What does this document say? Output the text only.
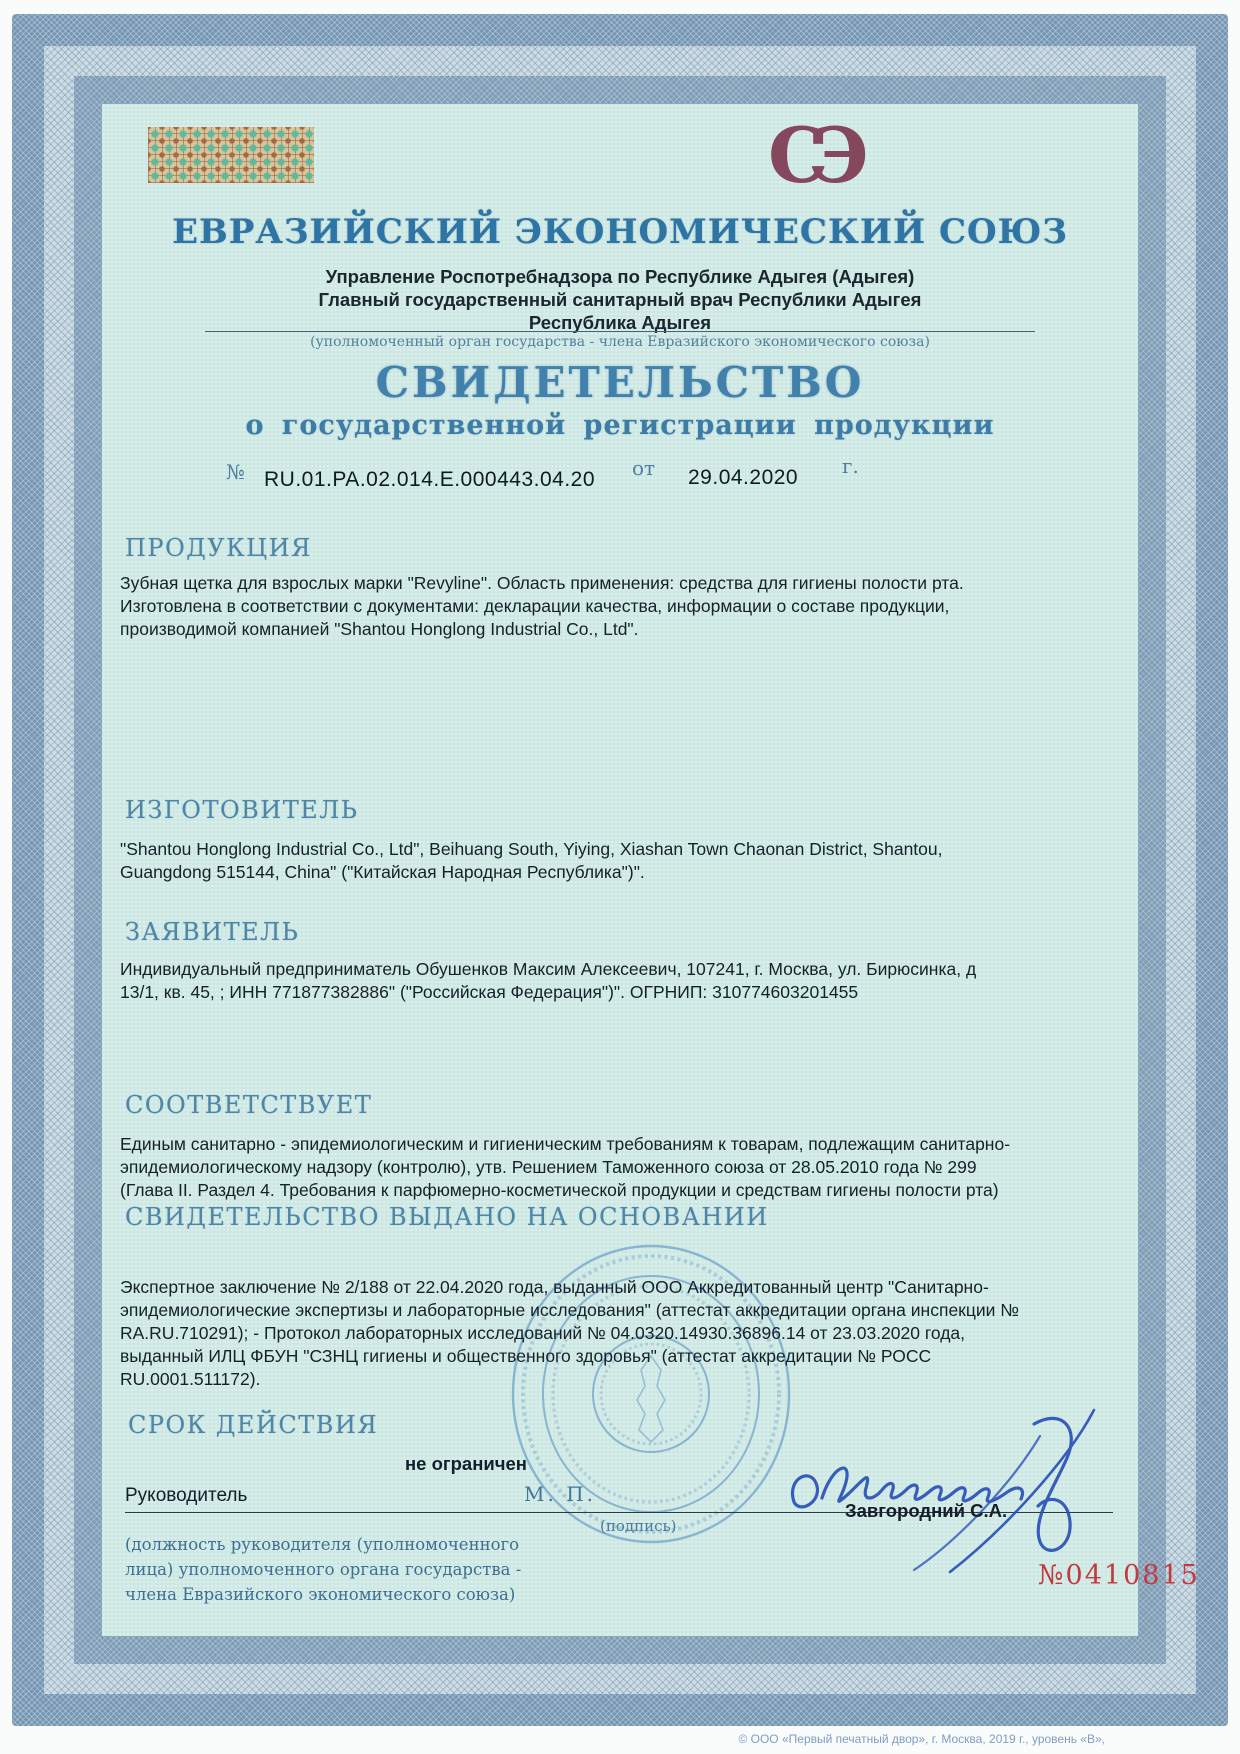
СЭ
ЕВРАЗИЙСКИЙ ЭКОНОМИЧЕСКИЙ СОЮЗ
Управление Роспотребнадзора по Республике Адыгея (Адыгея)
Главный государственный санитарный врач Республики Адыгея
Республика Адыгея
(уполномоченный орган государства - члена Евразийского экономического союза)
СВИДЕТЕЛЬСТВО
о государственной регистрации продукции
№ RU.01.PA.02.014.E.000443.04.20 от 29.04.2020 г.
ПРОДУКЦИЯ
Зубная щетка для взрослых марки "Revyline". Область применения: средства для гигиены полости рта. Изготовлена в соответствии с документами: декларации качества, информации о составе продукции, производимой компанией "Shantou Honglong Industrial Co., Ltd".
ИЗГОТОВИТЕЛЬ
"Shantou Honglong Industrial Co., Ltd", Beihuang South, Yiying, Xiashan Town Chaonan District, Shantou, Guangdong 515144, China" ("Китайская Народная Республика")".
ЗАЯВИТЕЛЬ
Индивидуальный предприниматель Обушенков Максим Алексеевич, 107241, г. Москва, ул. Бирюсинка, д 13/1, кв. 45, ; ИНН 771877382886" ("Российская Федерация")". ОГРНИП: 310774603201455
СООТВЕТСТВУЕТ
Единым санитарно - эпидемиологическим и гигиеническим требованиям к товарам, подлежащим санитарно-эпидемиологическому надзору (контролю), утв. Решением Таможенного союза от 28.05.2010 года № 299 (Глава II. Раздел 4. Требования к парфюмерно-косметической продукции и средствам гигиены полости рта)
СВИДЕТЕЛЬСТВО ВЫДАНО НА ОСНОВАНИИ
Экспертное заключение № 2/188 от 22.04.2020 года, выданный ООО Аккредитованный центр "Санитарно-эпидемиологические экспертизы и лабораторные исследования" (аттестат аккредитации органа инспекции № RA.RU.710291); - Протокол лабораторных исследований № 04.0320.14930.36896.14 от 23.03.2020 года, выданный ИЛЦ ФБУН "СЗНЦ гигиены и общественного здоровья" (аттестат аккредитации № РОСС RU.0001.511172).
СРОК ДЕЙСТВИЯ
не ограничен
Руководитель	М. П.
(подпись)
Завгородний С.А.
(должность руководителя (уполномоченного лица) уполномоченного органа государства - члена Евразийского экономического союза)
№0410815
© ООО «Первый печатный двор», г. Москва, 2019 г., уровень «В»,
